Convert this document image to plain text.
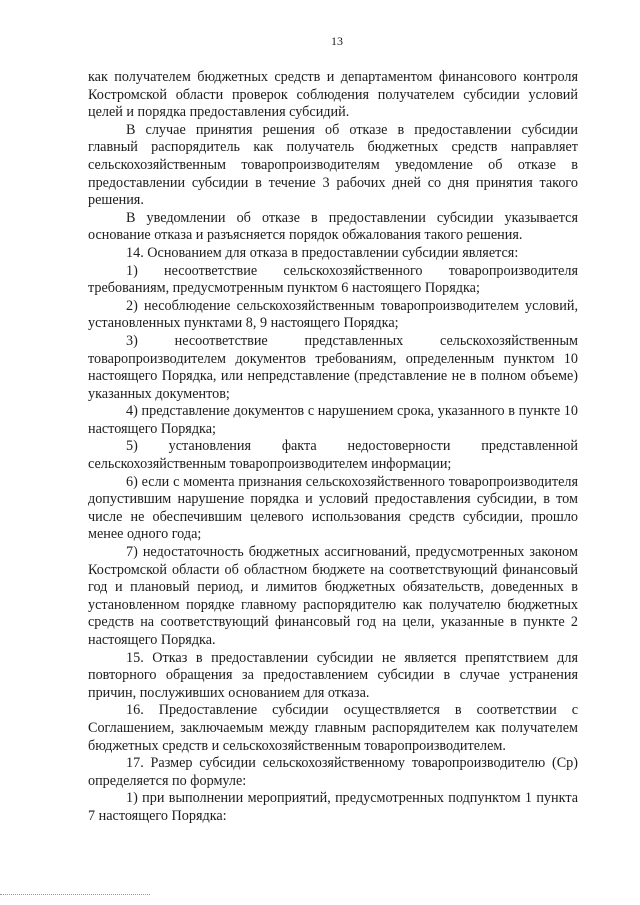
13

как получателем бюджетных средств и департаментом финансового контроля Костромской области проверок соблюдения получателем субсидии условий целей и порядка предоставления субсидий.

В случае принятия решения об отказе в предоставлении субсидии главный распорядитель как получатель бюджетных средств направляет сельскохозяйственным товаропроизводителям уведомление об отказе в предоставлении субсидии в течение 3 рабочих дней со дня принятия такого решения.

В уведомлении об отказе в предоставлении субсидии указывается основание отказа и разъясняется порядок обжалования такого решения.

14. Основанием для отказа в предоставлении субсидии является:

1) несоответствие сельскохозяйственного товаропроизводителя требованиям, предусмотренным пунктом 6 настоящего Порядка;

2) несоблюдение сельскохозяйственным товаропроизводителем условий, установленных пунктами 8, 9 настоящего Порядка;

3) несоответствие представленных сельскохозяйственным товаропроизводителем документов требованиям, определенным пунктом 10 настоящего Порядка, или непредставление (представление не в полном объеме) указанных документов;

4) представление документов с нарушением срока, указанного в пункте 10 настоящего Порядка;

5) установления факта недостоверности представленной сельскохозяйственным товаропроизводителем информации;

6) если с момента признания сельскохозяйственного товаропроизводителя допустившим нарушение порядка и условий предоставления субсидии, в том числе не обеспечившим целевого использования средств субсидии, прошло менее одного года;

7) недостаточность бюджетных ассигнований, предусмотренных законом Костромской области об областном бюджете на соответствующий финансовый год и плановый период, и лимитов бюджетных обязательств, доведенных в установленном порядке главному распорядителю как получателю бюджетных средств на соответствующий финансовый год на цели, указанные в пункте 2 настоящего Порядка.

15. Отказ в предоставлении субсидии не является препятствием для повторного обращения за предоставлением субсидии в случае устранения причин, послуживших основанием для отказа.

16. Предоставление субсидии осуществляется в соответствии с Соглашением, заключаемым между главным распорядителем как получателем бюджетных средств и сельскохозяйственным товаропроизводителем.

17. Размер субсидии сельскохозяйственному товаропроизводителю (Ср) определяется по формуле:

1) при выполнении мероприятий, предусмотренных подпунктом 1 пункта 7 настоящего Порядка:
